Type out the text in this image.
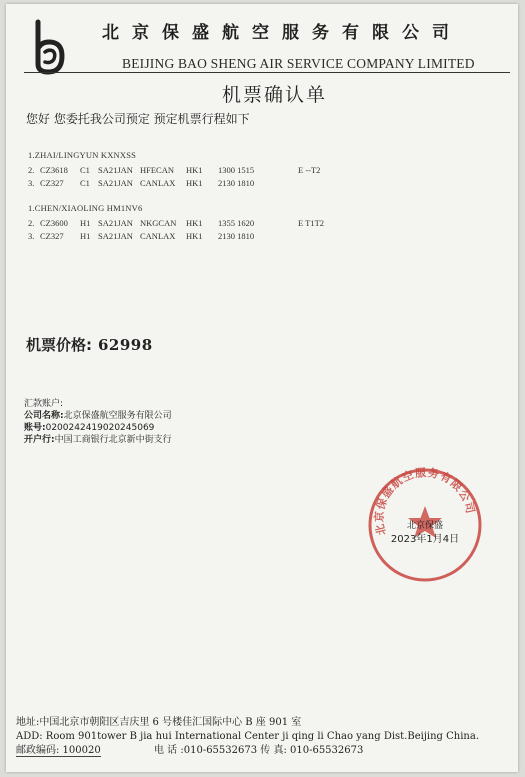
北京保盛航空服务有限公司
BEIJING BAO SHENG AIR SERVICE COMPANY LIMITED
机票确认单
您好 您委托我公司预定 预定机票行程如下
1.ZHAI/LINGYUN KXNXSS
2. CZ3618 C1 SA21JAN HFECAN HK1 1300 1515	E --T2
3. CZ327 C1 SA21JAN CANLAX HK1 2130 1810
1.CHEN/XIAOLING HM1NV6
2. CZ3600 H1 SA21JAN NKGCAN HK1 1355 1620	E T1T2
3. CZ327 H1 SA21JAN CANLAX HK1 2130 1810
机票价格: 62998
汇款账户:
公司名称:北京保盛航空服务有限公司
账号:0200242419020245069
开户行:中国工商银行北京新中街支行
北京保盛航空服务有限公司
北京保盛
2023年1月4日
地址:中国北京市朝阳区吉庆里 6 号楼佳汇国际中心 B 座 901 室
ADD: Room 901tower B jia hui International Center ji qing li Chao yang Dist.Beijing China.
邮政编码: 100020	电 话 :010-65532673 传 真: 010-65532673
